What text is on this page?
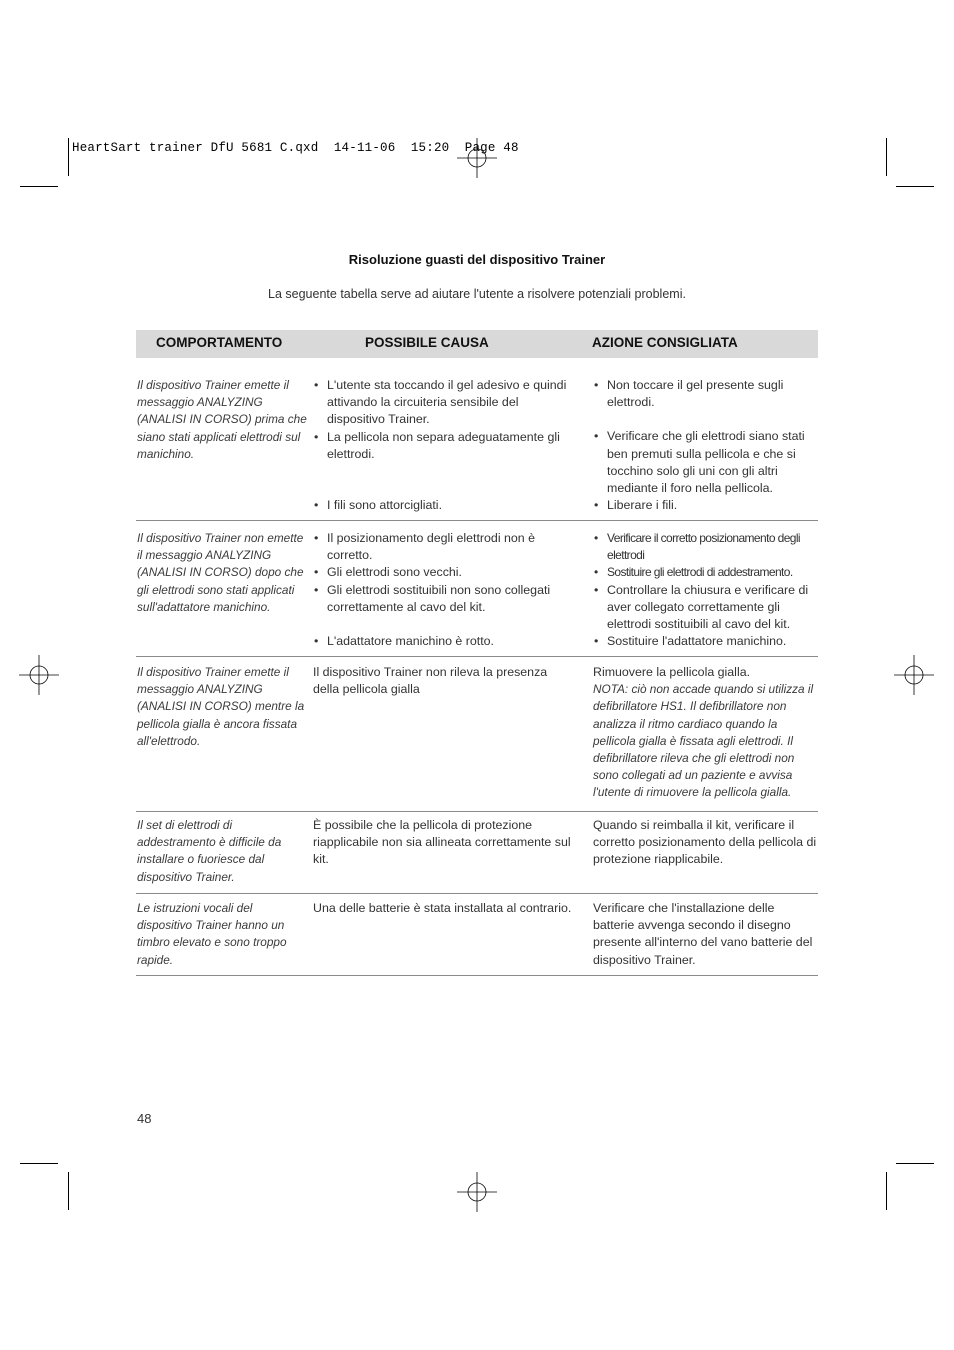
HeartSart trainer DfU 5681 C.qxd  14-11-06  15:20  Page 48
Risoluzione guasti del dispositivo Trainer
La seguente tabella serve ad aiutare l'utente a risolvere potenziali problemi.
COMPORTAMENTO	POSSIBILE CAUSA	AZIONE CONSIGLIATA
Il dispositivo Trainer emette il messaggio ANALYZING (ANALISI IN CORSO) prima che siano stati applicati elettrodi sul manichino.
• L'utente sta toccando il gel adesivo e quindi attivando la circuiteria sensibile del dispositivo Trainer.
• La pellicola non separa adeguatamente gli elettrodi.
• I fili sono attorcigliati.
• Non toccare il gel presente sugli elettrodi.
• Verificare che gli elettrodi siano stati ben premuti sulla pellicola e che si tocchino solo gli uni con gli altri mediante il foro nella pellicola.
• Liberare i fili.
Il dispositivo Trainer non emette il messaggio ANALYZING (ANALISI IN CORSO) dopo che gli elettrodi sono stati applicati sull'adattatore manichino.
• Il posizionamento degli elettrodi non è corretto.
• Gli elettrodi sono vecchi.
• Gli elettrodi sostituibili non sono collegati correttamente al cavo del kit.
• L'adattatore manichino è rotto.
• Verificare il corretto posizionamento degli elettrodi
• Sostituire gli elettrodi di addestramento.
• Controllare la chiusura e verificare di aver collegato correttamente gli elettrodi sostituibili al cavo del kit.
• Sostituire l'adattatore manichino.
Il dispositivo Trainer emette il messaggio ANALYZING (ANALISI IN CORSO) mentre la pellicola gialla è ancora fissata all'elettrodo.
Il dispositivo Trainer non rileva la presenza della pellicola gialla
Rimuovere la pellicola gialla.
NOTA: ciò non accade quando si utilizza il defibrillatore HS1. Il defibrillatore non analizza il ritmo cardiaco quando la pellicola gialla è fissata agli elettrodi. Il defibrillatore rileva che gli elettrodi non sono collegati ad un paziente e avvisa l'utente di rimuovere la pellicola gialla.
Il set di elettrodi di addestramento è difficile da installare o fuoriesce dal dispositivo Trainer.
È possibile che la pellicola di protezione riapplicabile non sia allineata correttamente sul kit.
Quando si reimballa il kit, verificare il corretto posizionamento della pellicola di protezione riapplicabile.
Le istruzioni vocali del dispositivo Trainer hanno un timbro elevato e sono troppo rapide.
Una delle batterie è stata installata al contrario. Verificare che l'installazione delle batterie avvenga secondo il disegno presente all'interno del vano batterie del dispositivo Trainer.
48
